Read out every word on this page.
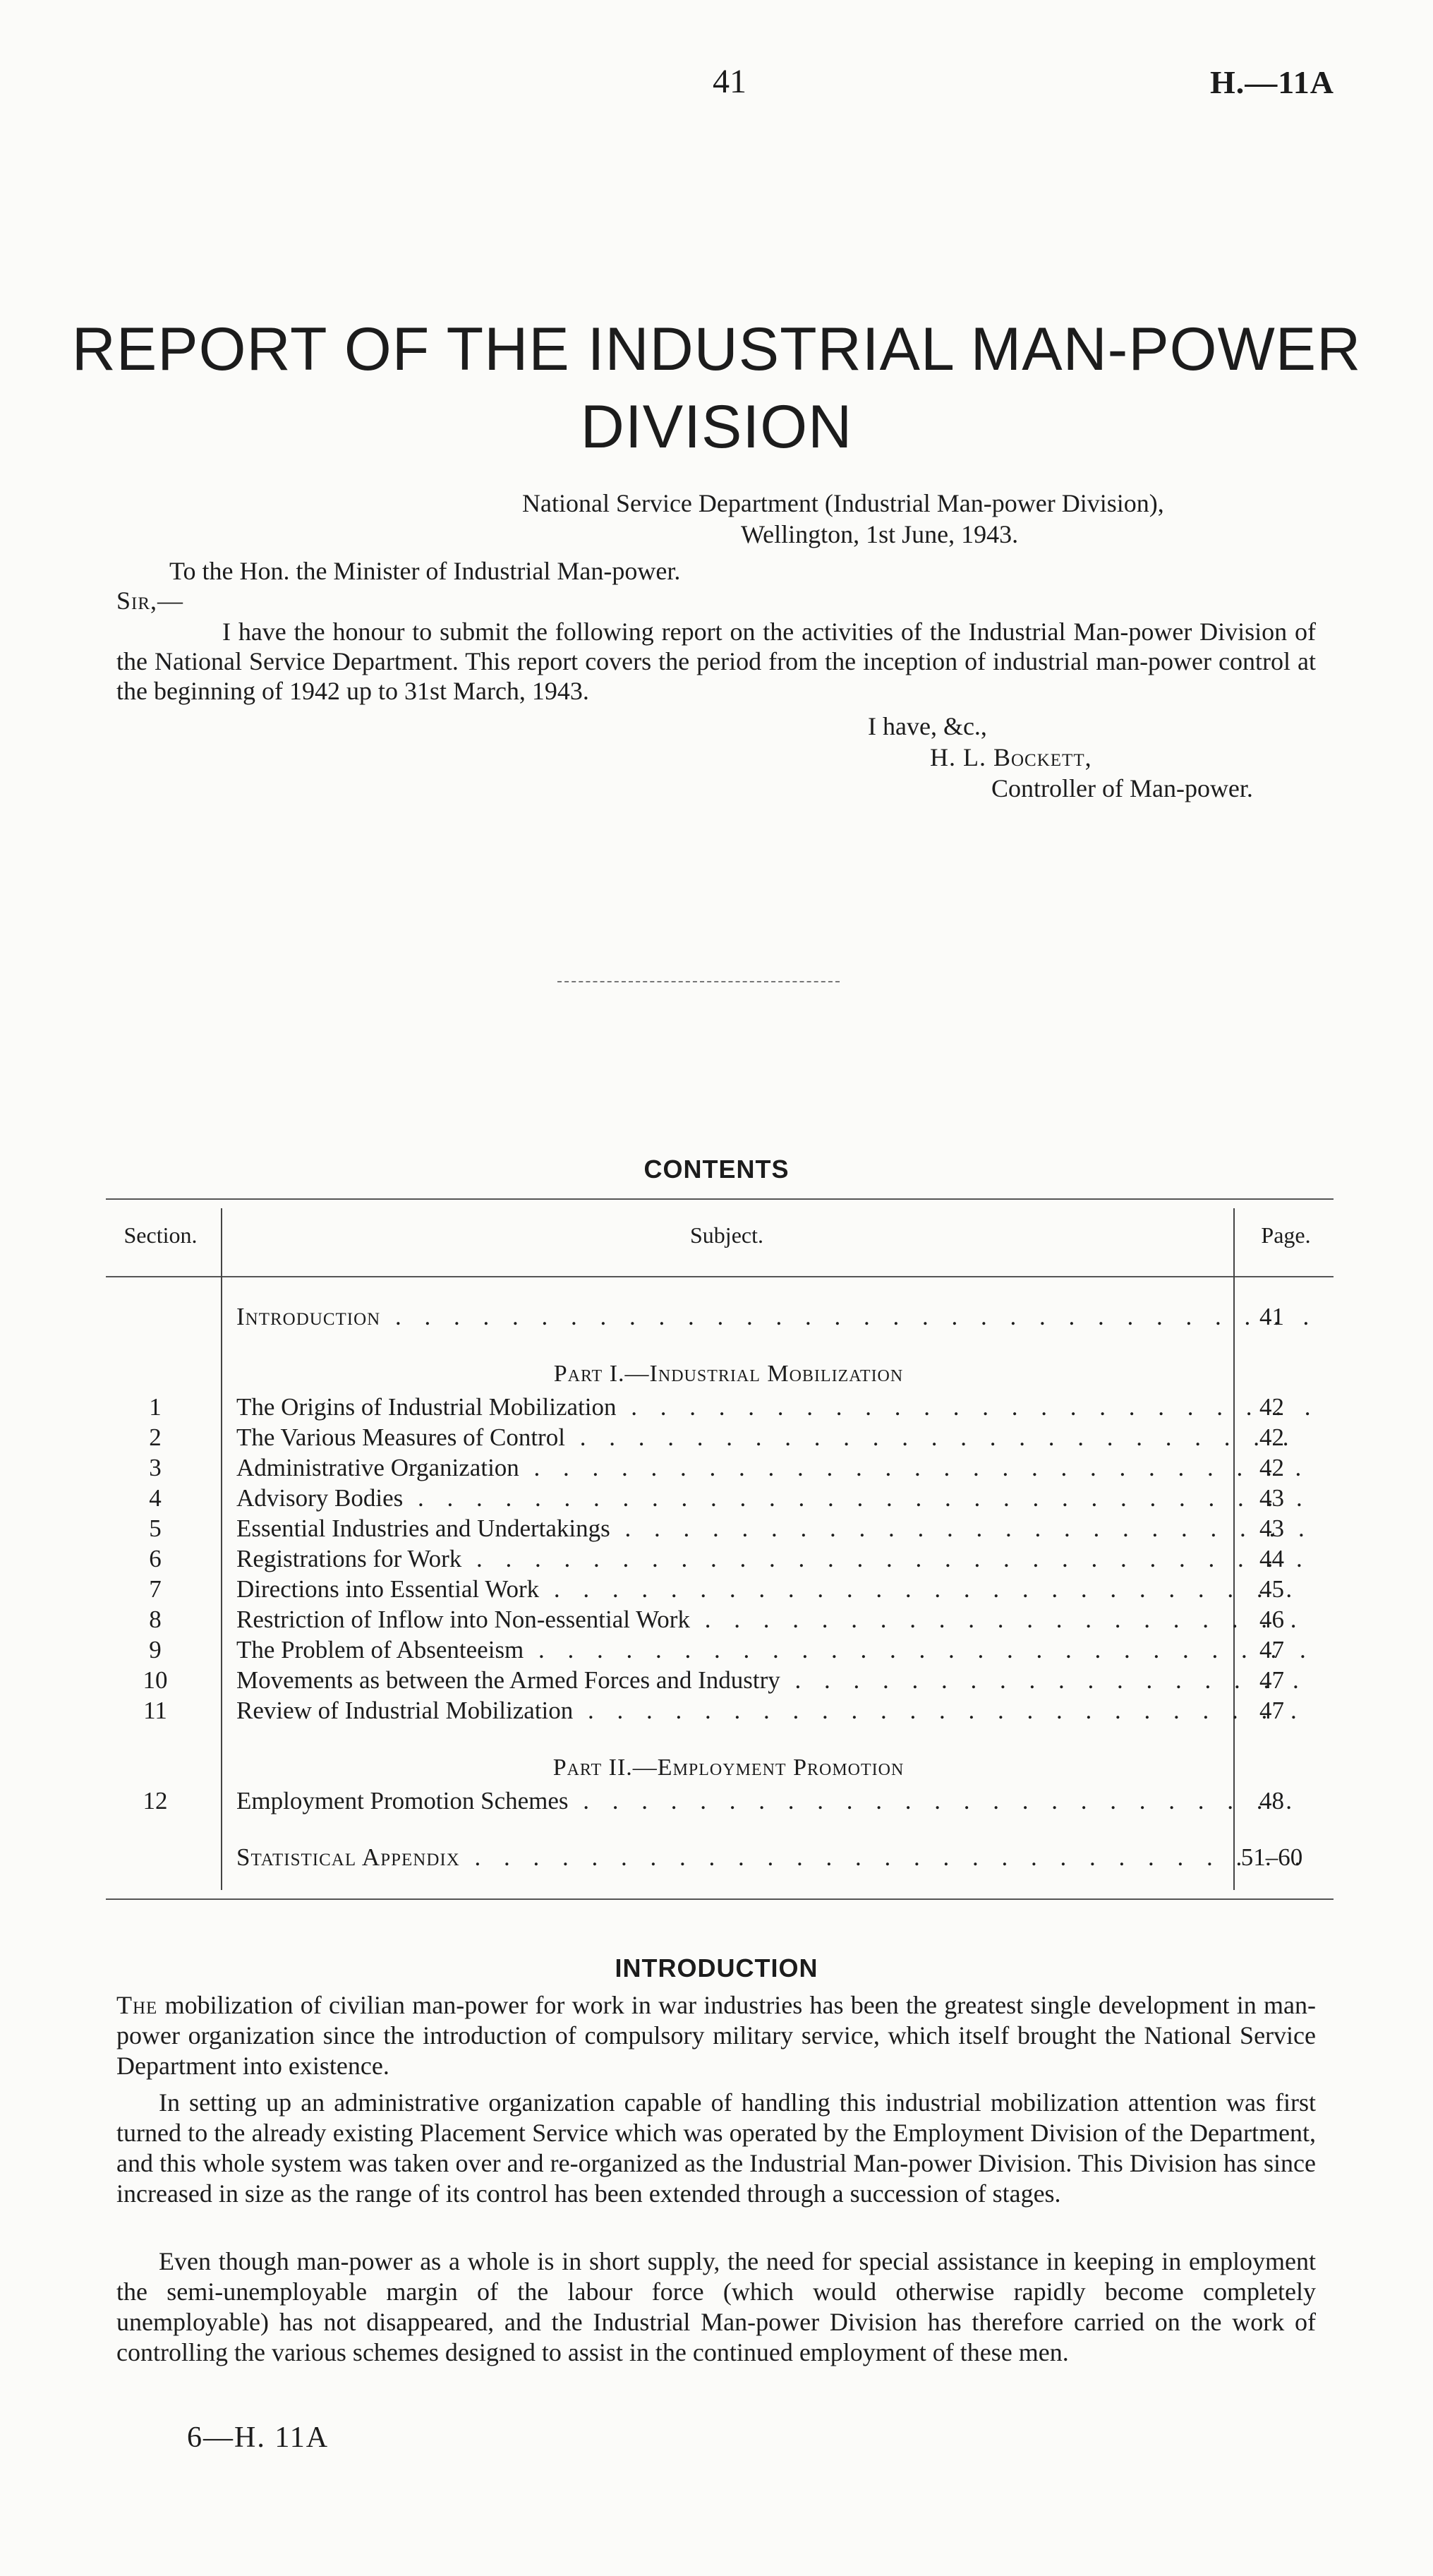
41	H.—11A
REPORT OF THE INDUSTRIAL MAN-POWER
DIVISION
National Service Department (Industrial Man-power Division),
Wellington, 1st June, 1943.
To the Hon. the Minister of Industrial Man-power.
Sir,—
I have the honour to submit the following report on the activities of the Industrial Man-power Division of the National Service Department. This report covers the period from the inception of industrial man-power control at the beginning of 1942 up to 31st March, 1943.
I have, &c.,
H. L. Bockett,
Controller of Man-power.
CONTENTS
Section.	Subject.	Page.
Introduction . .	41
Part I.—Industrial Mobilization
1	The Origins of Industrial Mobilization . .	42
2	The Various Measures of Control . .	42
3	Administrative Organization . .	42
4	Advisory Bodies . .	43
5	Essential Industries and Undertakings . .	43
6	Registrations for Work . .	44
7	Directions into Essential Work . .	45
8	Restriction of Inflow into Non-essential Work . .	46
9	The Problem of Absenteeism . .	47
10	Movements as between the Armed Forces and Industry . .	47
11	Review of Industrial Mobilization . .	47
Part II.—Employment Promotion
12	Employment Promotion Schemes . .	48
Statistical Appendix . .	51–60
INTRODUCTION
The mobilization of civilian man-power for work in war industries has been the greatest single development in man-power organization since the introduction of compulsory military service, which itself brought the National Service Department into existence.
In setting up an administrative organization capable of handling this industrial mobilization attention was first turned to the already existing Placement Service which was operated by the Employment Division of the Department, and this whole system was taken over and re-organized as the Industrial Man-power Division. This Division has since increased in size as the range of its control has been extended through a succession of stages.
Even though man-power as a whole is in short supply, the need for special assistance in keeping in employment the semi-unemployable margin of the labour force (which would otherwise rapidly become completely unemployable) has not disappeared, and the Industrial Man-power Division has therefore carried on the work of controlling the various schemes designed to assist in the continued employment of these men.
6—H. 11A
